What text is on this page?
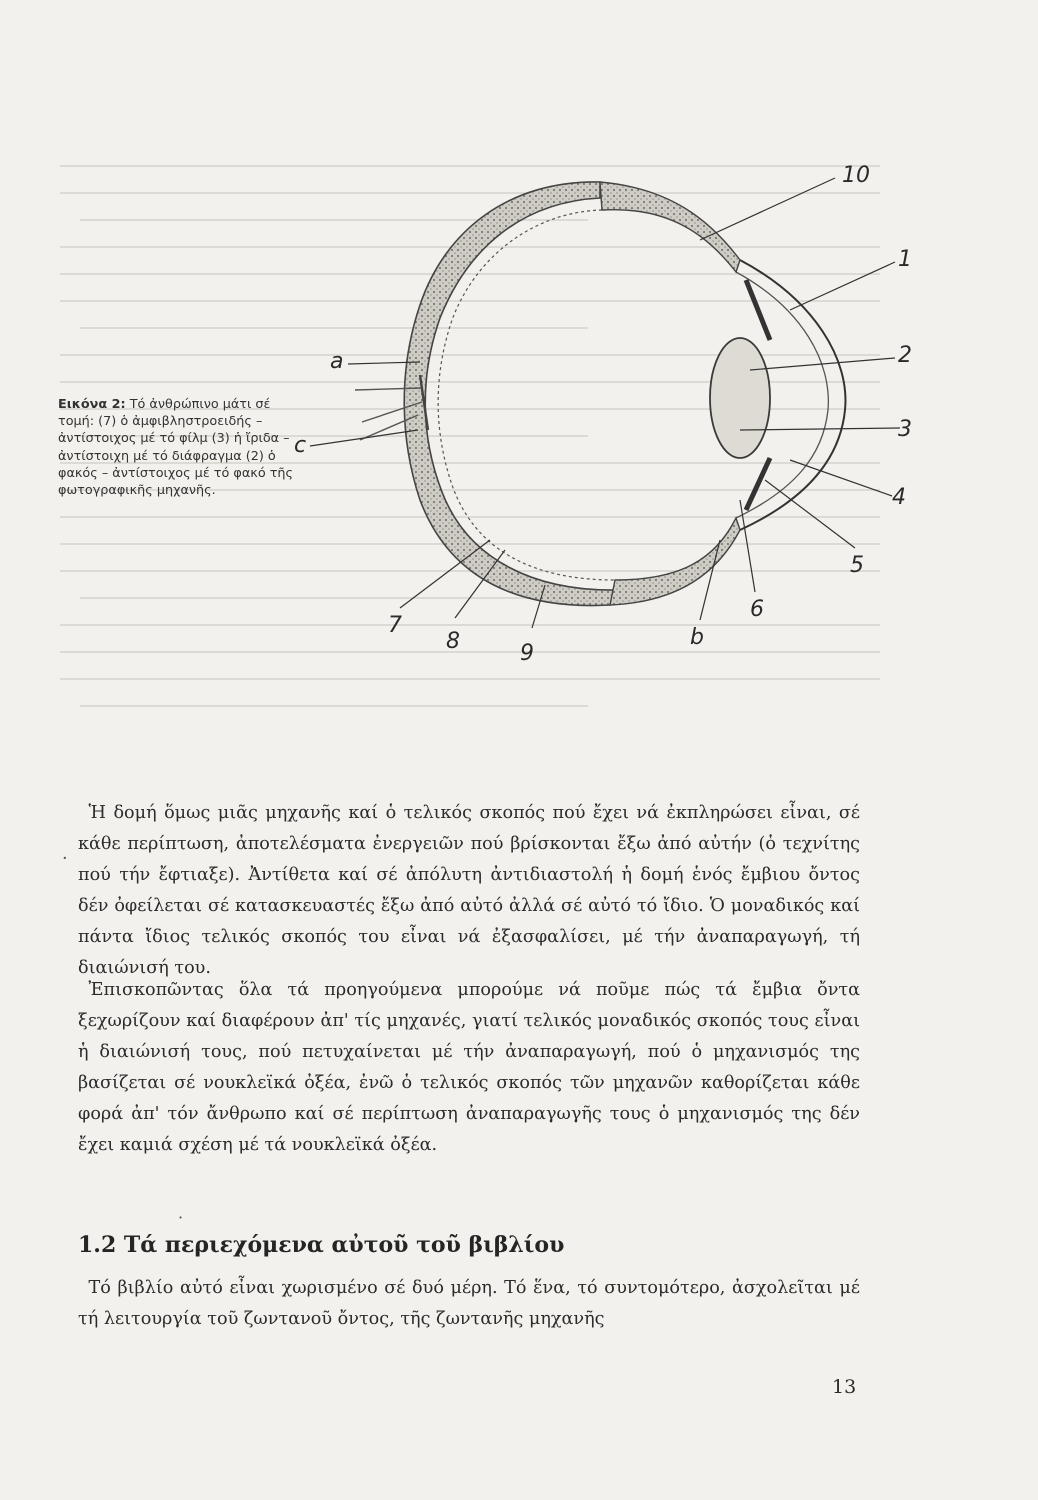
10
1
2
3
4
5
6
7
8	9
a
b
c
Εικόνα 2: Τό ἀνθρώπινο μάτι σέ τομή: (7) ὁ ἀμφιβληστροειδής – ἀντίστοιχος μέ τό φίλμ (3) ἡ ἴριδα – ἀντίστοιχη μέ τό διάφραγμα (2) ὁ φακός – ἀντίστοιχος μέ τό φακό τῆς φωτογραφικῆς μηχανῆς.
·

Ἡ δομή ὅμως μιᾶς μηχανῆς καί ὁ τελικός σκοπός πού ἔχει νά ἐκπληρώσει εἶναι, σέ κάθε περίπτωση, ἀποτελέσματα ἐνεργειῶν πού βρίσκονται ἔξω ἀπό αὐτήν (ὁ τεχνίτης πού τήν ἔφτιαξε). Ἀντίθετα καί σέ ἀπόλυτη ἀντιδιαστολή ἡ δομή ἑνός ἔμβιου ὄντος δέν ὀφείλεται σέ κατασκευαστές ἔξω ἀπό αὐτό ἀλλά σέ αὐτό τό ἴδιο. Ὁ μοναδικός καί πάντα ἴδιος τελικός σκοπός του εἶναι νά ἐξασφαλίσει, μέ τήν ἀναπαραγωγή, τή διαιώνισή του.

Ἐπισκοπῶντας ὅλα τά προηγούμενα μπορούμε νά ποῦμε πώς τά ἔμβια ὄντα ξεχωρίζουν καί διαφέρουν ἀπ' τίς μηχανές, γιατί τελικός μοναδικός σκοπός τους εἶναι ἡ διαιώνισή τους, πού πετυχαίνεται μέ τήν ἀναπαραγωγή, πού ὁ μηχανισμός της βασίζεται σέ νουκλεϊκά ὀξέα, ἐνῶ ὁ τελικός σκοπός τῶν μηχανῶν καθορίζεται κάθε φορά ἀπ' τόν ἄνθρωπο καί σέ περίπτωση ἀναπαραγωγῆς τους ὁ μηχανισμός της δέν ἔχει καμιά σχέση μέ τά νουκλεϊκά ὀξέα.

·
1.2 Τά περιεχόμενα αὐτοῦ τοῦ βιβλίου

Τό βιβλίο αὐτό εἶναι χωρισμένο σέ δυό μέρη. Τό ἕνα, τό συντομότερο, ἀσχολεῖται μέ τή λειτουργία τοῦ ζωντανοῦ ὄντος, τῆς ζωντανῆς μηχανῆς

13
